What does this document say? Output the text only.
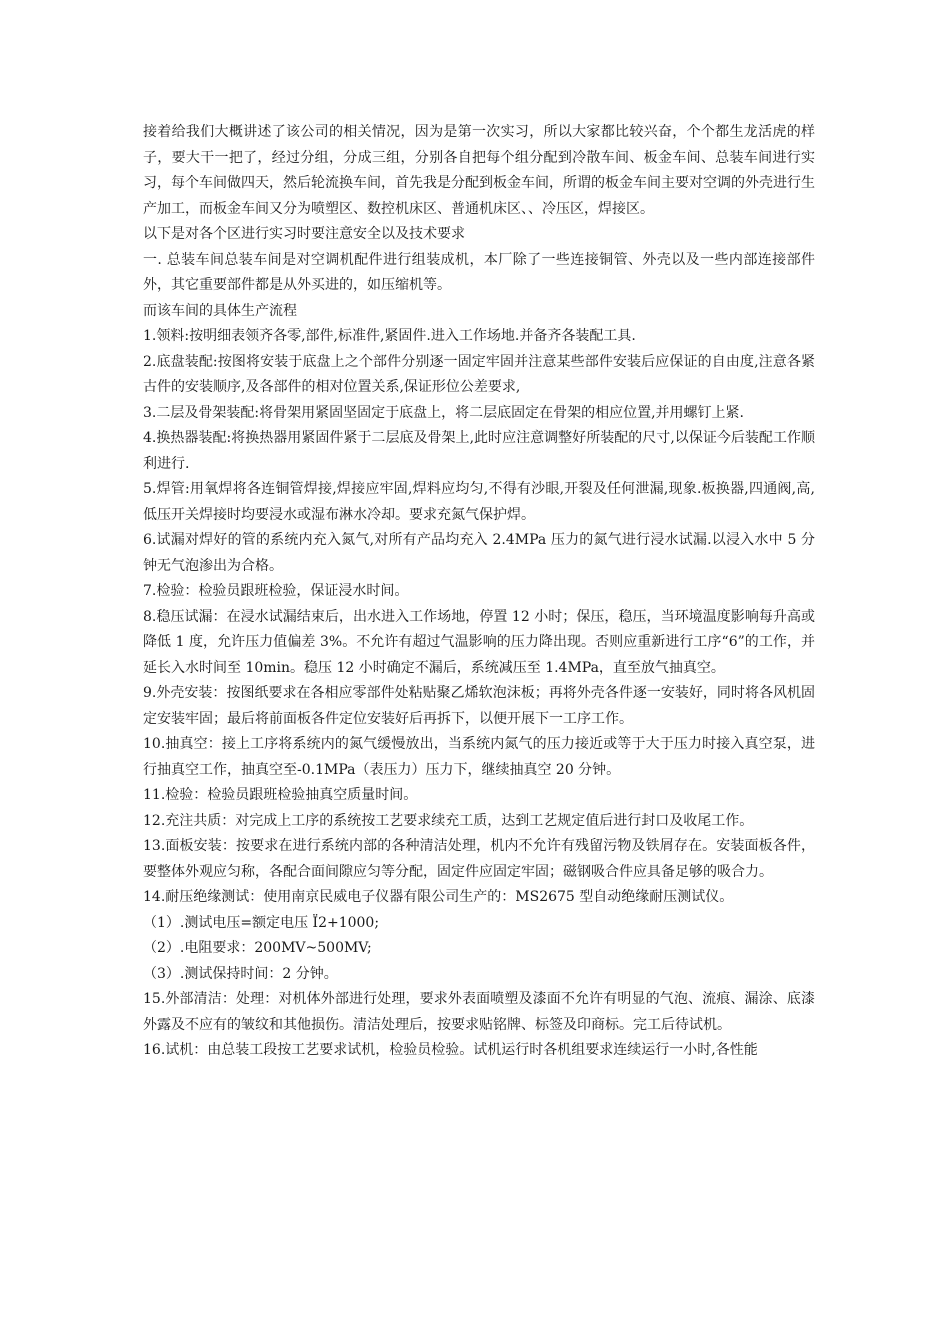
接着给我们大概讲述了该公司的相关情况，因为是第一次实习，所以大家都比较兴奋，个个都生龙活虎的样子，要大干一把了，经过分组，分成三组，分别各自把每个组分配到冷散车间、板金车间、总装车间进行实习，每个车间做四天，然后轮流换车间，首先我是分配到板金车间，所谓的板金车间主要对空调的外壳进行生产加工，而板金车间又分为喷塑区、数控机床区、普通机床区、、冷压区，焊接区。

以下是对各个区进行实习时要注意安全以及技术要求

一. 总装车间总装车间是对空调机配件进行组装成机，本厂除了一些连接铜管、外壳以及一些内部连接部件外，其它重要部件都是从外买进的，如压缩机等。

而该车间的具体生产流程

1.领料:按明细表领齐各零,部件,标准件,紧固件.进入工作场地.并备齐各装配工具.

2.底盘装配:按图将安装于底盘上之个部件分别逐一固定牢固并注意某些部件安装后应保证的自由度,注意各紧古件的安装顺序,及各部件的相对位置关系,保证形位公差要求,

3.二层及骨架装配:将骨架用紧固坚固定于底盘上，将二层底固定在骨架的相应位置,并用螺钉上紧.

4.换热器装配:将换热器用紧固件紧于二层底及骨架上,此时应注意调整好所装配的尺寸,以保证今后装配工作顺利进行.

5.焊管:用氧焊将各连铜管焊接,焊接应牢固,焊料应均匀,不得有沙眼,开裂及任何泄漏,现象.板换器,四通阀,高,低压开关焊接时均要浸水或湿布淋水冷却。要求充氮气保护焊。

6.试漏对焊好的管的系统内充入氮气,对所有产品均充入 2.4MPa 压力的氮气进行浸水试漏.以浸入水中 5 分钟无气泡渗出为合格。

7.检验：检验员跟班检验，保证浸水时间。

8.稳压试漏：在浸水试漏结束后，出水进入工作场地，停置 12 小时；保压，稳压，当环境温度影响每升高或降低 1 度，允许压力值偏差 3%。不允许有超过气温影响的压力降出现。否则应重新进行工序“6”的工作，并延长入水时间至 10min。稳压 12 小时确定不漏后，系统减压至 1.4MPa，直至放气抽真空。

9.外壳安装：按图纸要求在各相应零部件处粘贴聚乙烯软泡沫板；再将外壳各件逐一安装好，同时将各风机固定安装牢固；最后将前面板各件定位安装好后再拆下，以便开展下一工序工作。

10.抽真空：接上工序将系统内的氮气缓慢放出，当系统内氮气的压力接近或等于大于压力时接入真空泵，进行抽真空工作，抽真空至-0.1MPa（表压力）压力下，继续抽真空 20 分钟。

11.检验：检验员跟班检验抽真空质量时间。

12.充注共质：对完成上工序的系统按工艺要求续充工质，达到工艺规定值后进行封口及收尾工作。

13.面板安装：按要求在进行系统内部的各种清洁处理，机内不允许有残留污物及铁屑存在。安装面板各件，要整体外观应匀称，各配合面间隙应匀等分配，固定件应固定牢固；磁钢吸合件应具备足够的吸合力。

14.耐压绝缘测试：使用南京民威电子仪器有限公司生产的：MS2675 型自动绝缘耐压测试仪。

（1）.测试电压=额定电压 Ï2+1000;

（2）.电阻要求：200MV~500MV;

（3）.测试保持时间：2 分钟。

15.外部清洁：处理：对机体外部进行处理，要求外表面喷塑及漆面不允许有明显的气泡、流痕、漏涂、底漆外露及不应有的皱纹和其他损伤。清洁处理后，按要求贴铭牌、标签及印商标。完工后待试机。

16.试机：由总装工段按工艺要求试机，检验员检验。试机运行时各机组要求连续运行一小时,各性能
